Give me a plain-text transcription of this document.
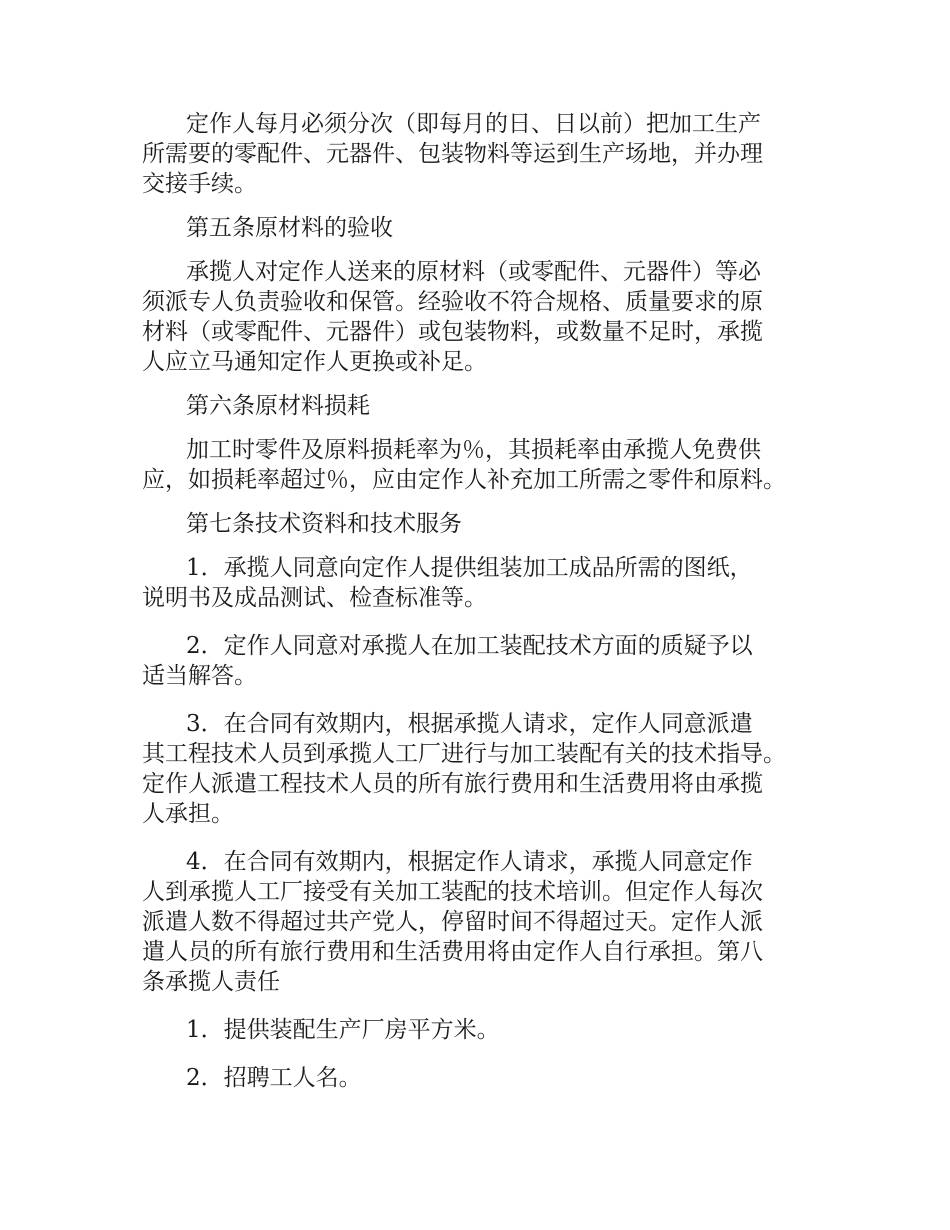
定作人每月必须分次（即每月的日、日以前）把加工生产
所需要的零配件、元器件、包装物料等运到生产场地，并办理
交接手续。

第五条原材料的验收

承揽人对定作人送来的原材料（或零配件、元器件）等必
须派专人负责验收和保管。经验收不符合规格、质量要求的原
材料（或零配件、元器件）或包装物料，或数量不足时，承揽
人应立马通知定作人更换或补足。

第六条原材料损耗

加工时零件及原料损耗率为％，其损耗率由承揽人免费供
应，如损耗率超过％，应由定作人补充加工所需之零件和原料。

第七条技术资料和技术服务

1．承揽人同意向定作人提供组装加工成品所需的图纸，
说明书及成品测试、检查标准等。

2．定作人同意对承揽人在加工装配技术方面的质疑予以
适当解答。

3．在合同有效期内，根据承揽人请求，定作人同意派遣
其工程技术人员到承揽人工厂进行与加工装配有关的技术指导。
定作人派遣工程技术人员的所有旅行费用和生活费用将由承揽
人承担。

4．在合同有效期内，根据定作人请求，承揽人同意定作
人到承揽人工厂接受有关加工装配的技术培训。但定作人每次
派遣人数不得超过共产党人，停留时间不得超过天。定作人派
遣人员的所有旅行费用和生活费用将由定作人自行承担。第八
条承揽人责任

1．提供装配生产厂房平方米。

2．招聘工人名。
